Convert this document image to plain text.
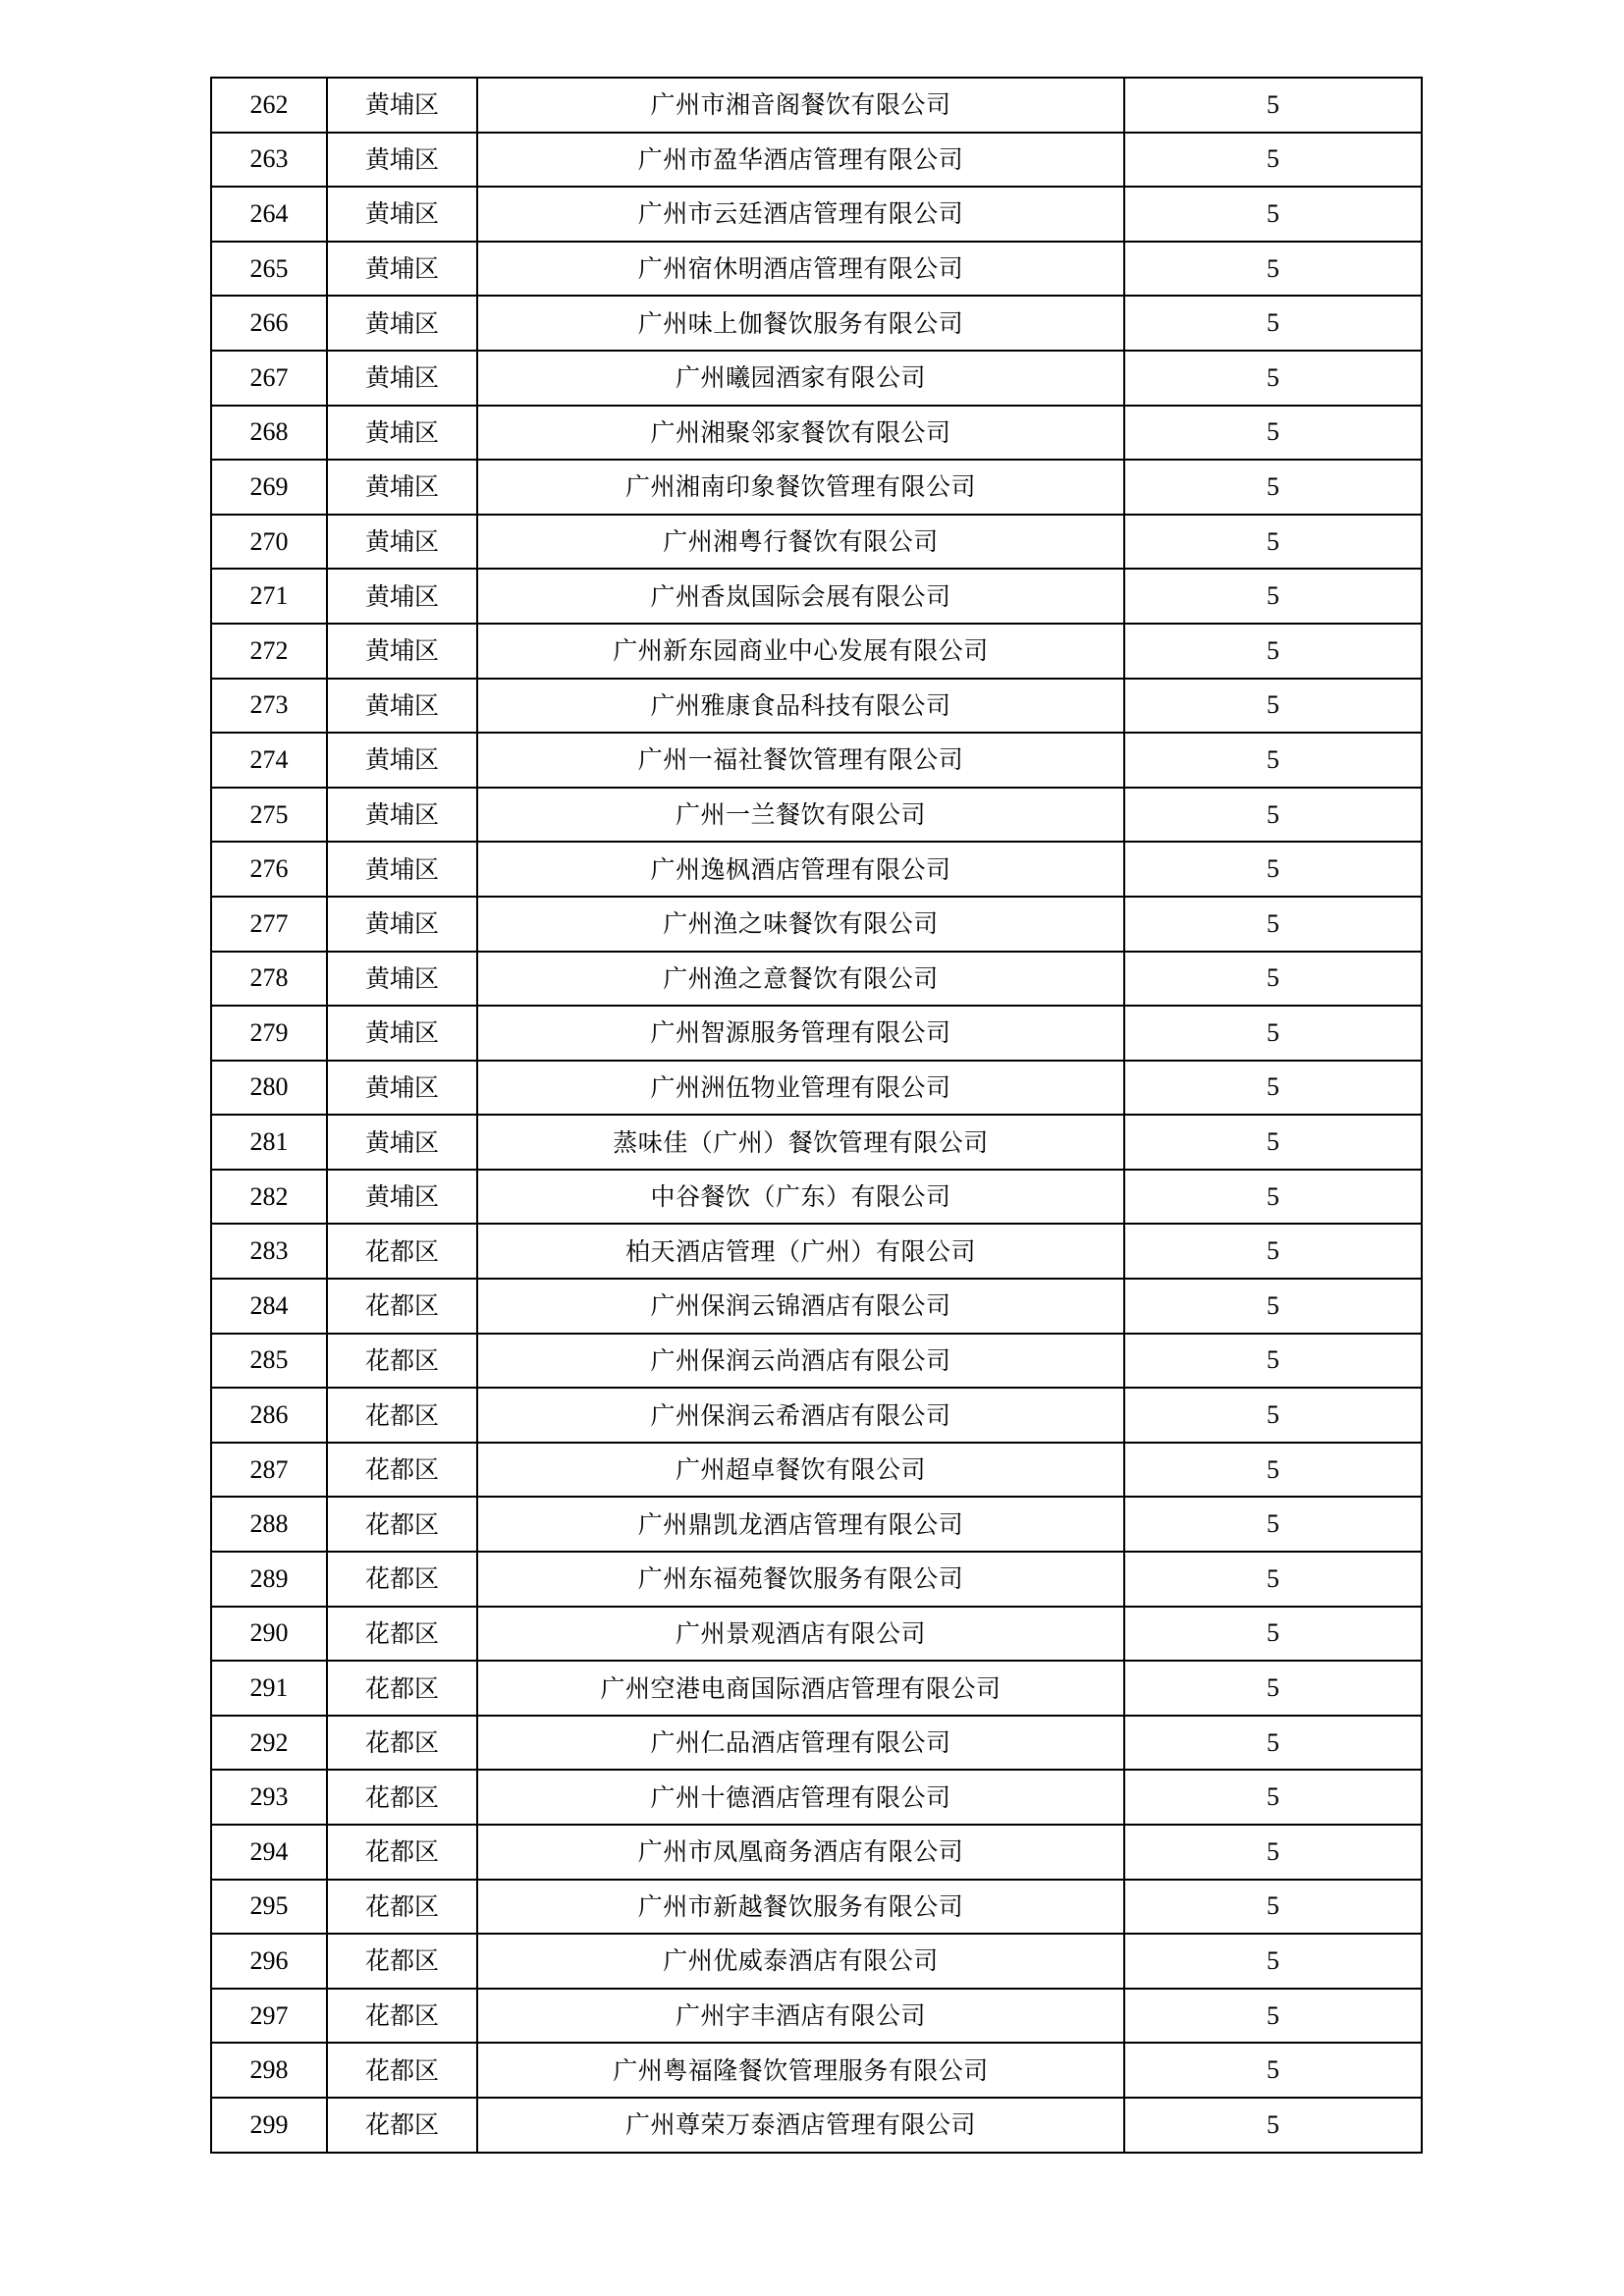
262	黄埔区	广州市湘音阁餐饮有限公司	5
263	黄埔区	广州市盈华酒店管理有限公司	5
264	黄埔区	广州市云廷酒店管理有限公司	5
265	黄埔区	广州宿休明酒店管理有限公司	5
266	黄埔区	广州味上伽餐饮服务有限公司	5
267	黄埔区	广州曦园酒家有限公司	5
268	黄埔区	广州湘聚邻家餐饮有限公司	5
269	黄埔区	广州湘南印象餐饮管理有限公司	5
270	黄埔区	广州湘粤行餐饮有限公司	5
271	黄埔区	广州香岚国际会展有限公司	5
272	黄埔区	广州新东园商业中心发展有限公司	5
273	黄埔区	广州雅康食品科技有限公司	5
274	黄埔区	广州一福社餐饮管理有限公司	5
275	黄埔区	广州一兰餐饮有限公司	5
276	黄埔区	广州逸枫酒店管理有限公司	5
277	黄埔区	广州渔之味餐饮有限公司	5
278	黄埔区	广州渔之意餐饮有限公司	5
279	黄埔区	广州智源服务管理有限公司	5
280	黄埔区	广州洲伍物业管理有限公司	5
281	黄埔区	蒸味佳（广州）餐饮管理有限公司	5
282	黄埔区	中谷餐饮（广东）有限公司	5
283	花都区	柏天酒店管理（广州）有限公司	5
284	花都区	广州保润云锦酒店有限公司	5
285	花都区	广州保润云尚酒店有限公司	5
286	花都区	广州保润云希酒店有限公司	5
287	花都区	广州超卓餐饮有限公司	5
288	花都区	广州鼎凯龙酒店管理有限公司	5
289	花都区	广州东福苑餐饮服务有限公司	5
290	花都区	广州景观酒店有限公司	5
291	花都区	广州空港电商国际酒店管理有限公司	5
292	花都区	广州仁品酒店管理有限公司	5
293	花都区	广州十德酒店管理有限公司	5
294	花都区	广州市凤凰商务酒店有限公司	5
295	花都区	广州市新越餐饮服务有限公司	5
296	花都区	广州优威泰酒店有限公司	5
297	花都区	广州宇丰酒店有限公司	5
298	花都区	广州粤福隆餐饮管理服务有限公司	5
299	花都区	广州尊荣万泰酒店管理有限公司	5
